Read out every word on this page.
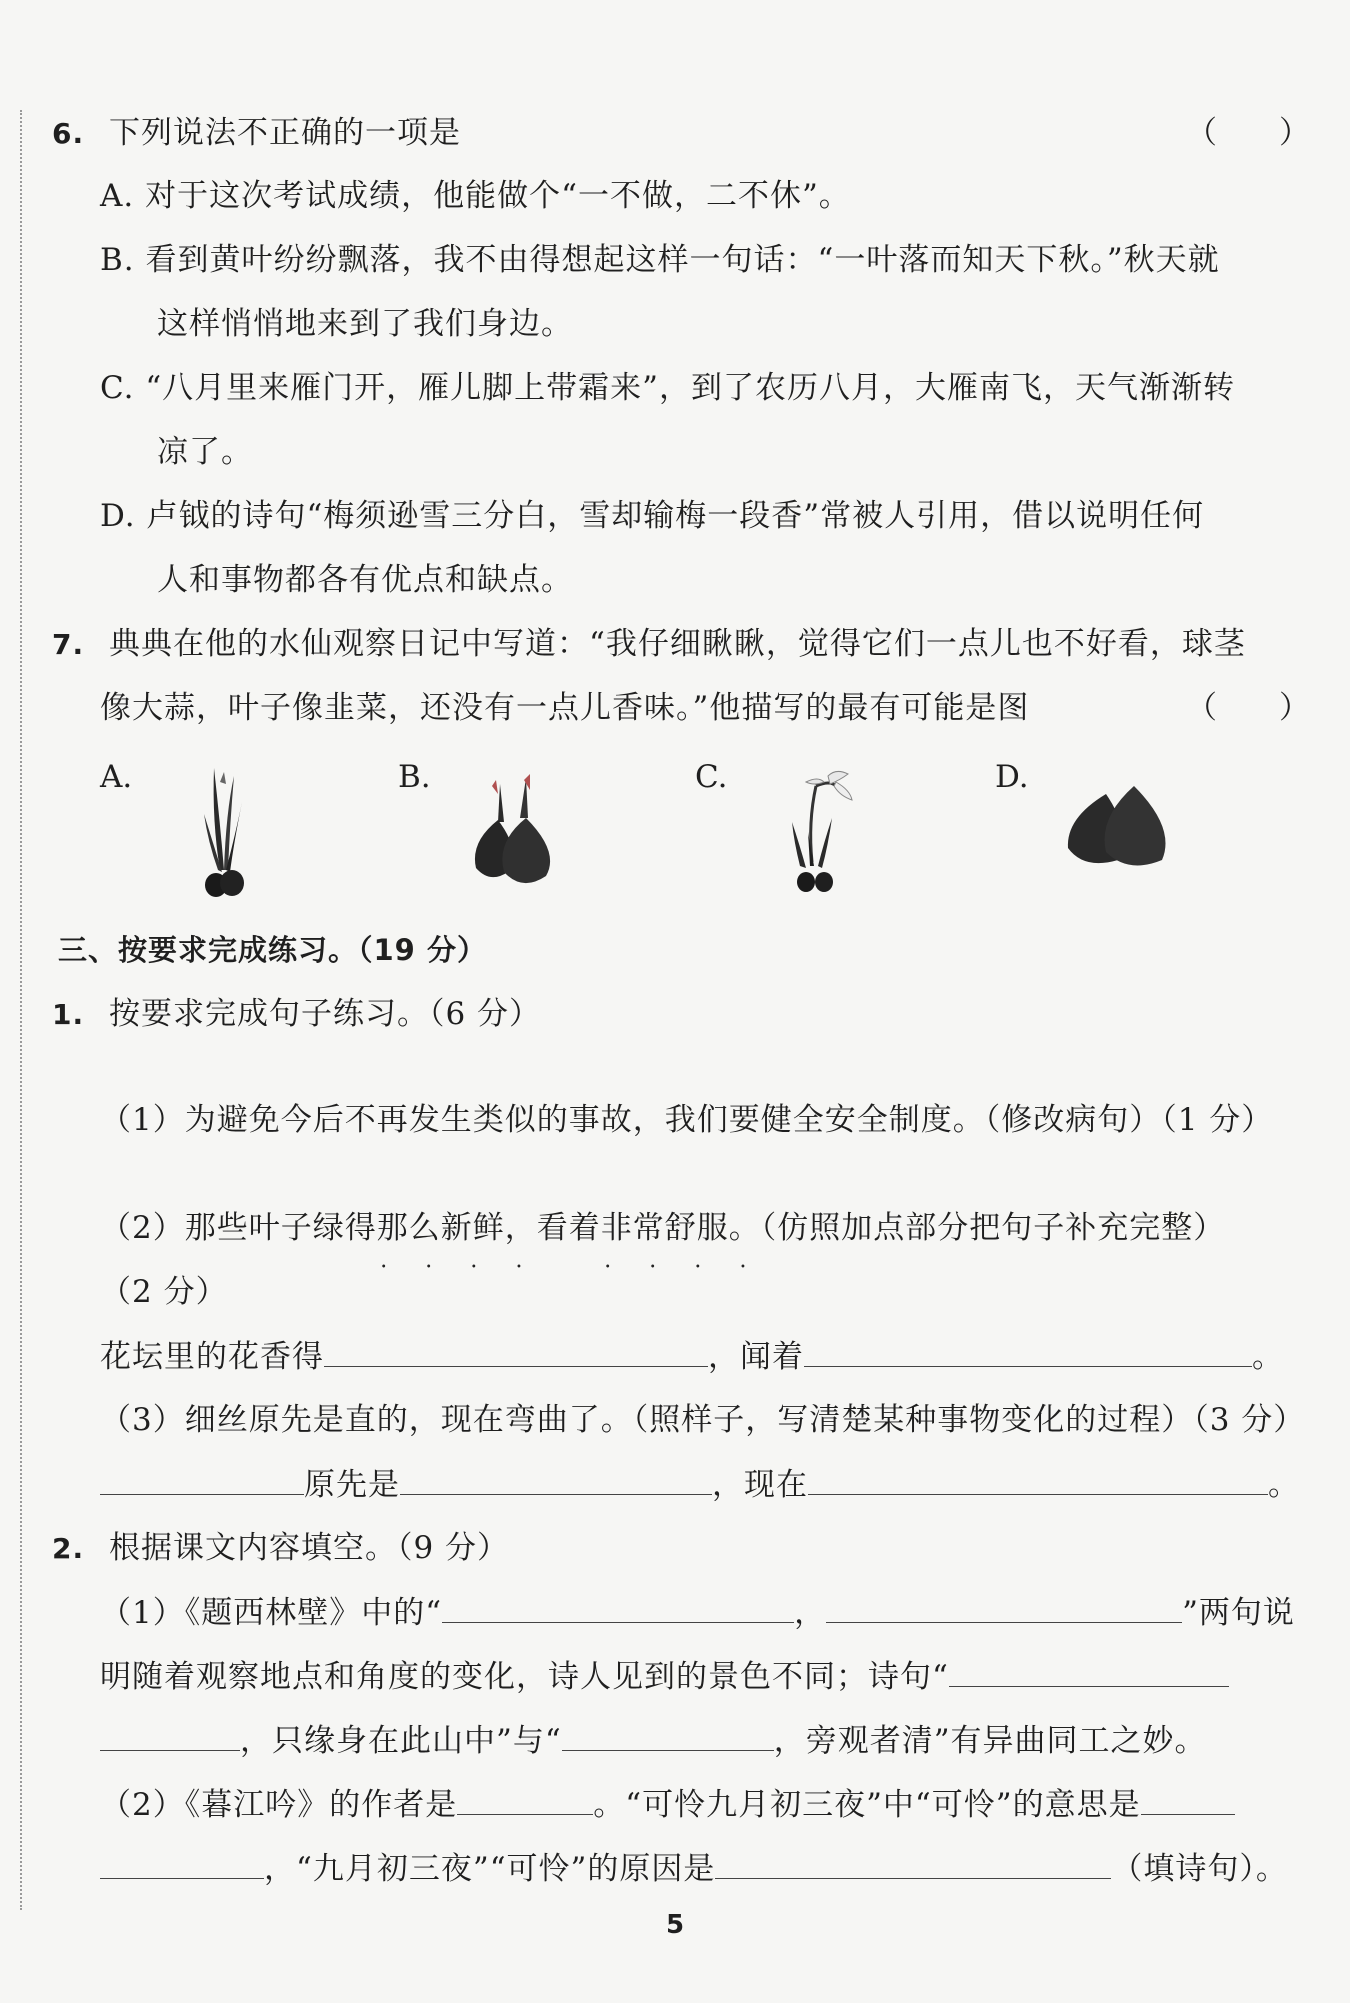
6. 下列说法不正确的一项是	（　　）
A. 对于这次考试成绩，他能做个“一不做，二不休”。
B. 看到黄叶纷纷飘落，我不由得想起这样一句话：“一叶落而知天下秋。”秋天就
这样悄悄地来到了我们身边。
C. “八月里来雁门开，雁儿脚上带霜来”，到了农历八月，大雁南飞，天气渐渐转
凉了。
D. 卢钺的诗句“梅须逊雪三分白，雪却输梅一段香”常被人引用，借以说明任何
人和事物都各有优点和缺点。
7. 典典在他的水仙观察日记中写道：“我仔细瞅瞅，觉得它们一点儿也不好看，球茎
像大蒜，叶子像韭菜，还没有一点儿香味。”他描写的最有可能是图	（　　）
A.	B.	C.	D.
三、按要求完成练习。（19 分）
1. 按要求完成句子练习。（6 分）
（1）为避免今后不再发生类似的事故，我们要健全安全制度。（修改病句）（1 分）
（2）那些叶子绿得那么新鲜 • • • •，看着非常舒服 • • • •。（仿照加点部分把句子补充完整）
（2 分）
花坛里的花香得	，闻着	。
（3）细丝原先是直的，现在弯曲了。（照样子，写清楚某种事物变化的过程）（3 分）
原先是	，现在	。
2. 根据课文内容填空。（9 分）
（1）《题西林壁》中的“	，	”两句说
明随着观察地点和角度的变化，诗人见到的景色不同；诗句“
，只缘身在此山中”与“	，旁观者清”有异曲同工之妙。
（2）《暮江吟》的作者是	。“可怜九月初三夜”中“可怜”的意思是
，“九月初三夜”“可怜”的原因是	（填诗句）。
5
